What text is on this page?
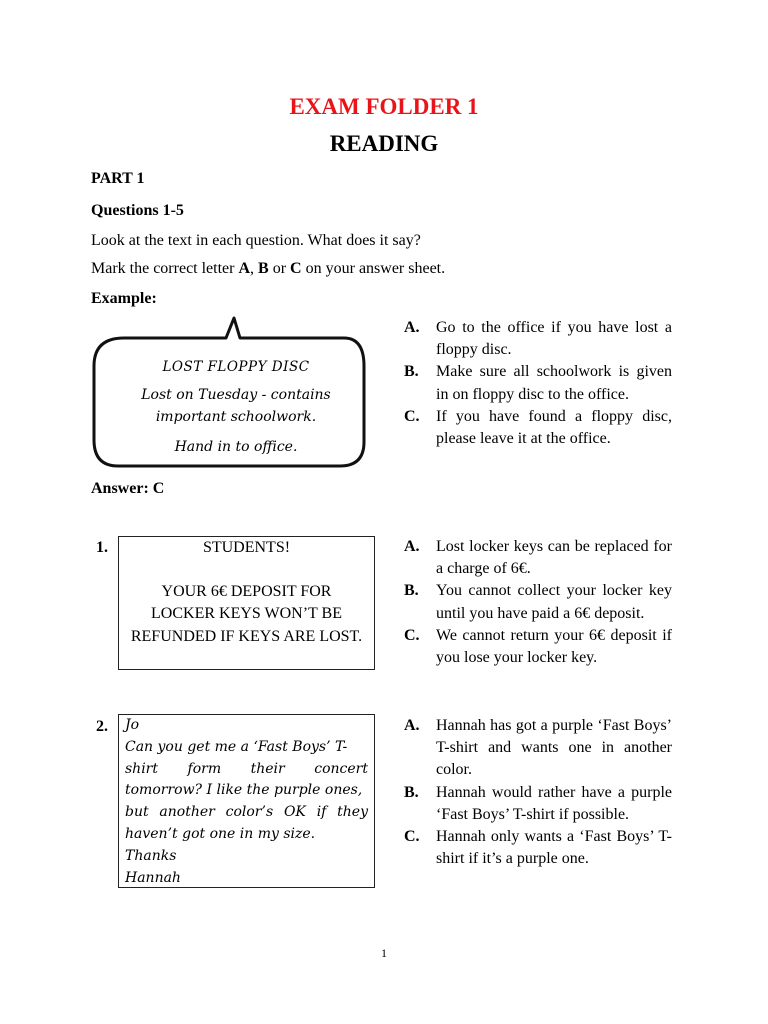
EXAM FOLDER 1
READING
PART 1
Questions 1-5
Look at the text in each question. What does it say?
Mark the correct letter A, B or C on your answer sheet.
Example:
LOST FLOPPY DISC
Lost on Tuesday - contains
important schoolwork.
Hand in to office.
A.	Go to the office if you have lost a floppy disc.
B.	Make sure all schoolwork is given in on floppy disc to the office.
C.	If you have found a floppy disc, please leave it at the office.
Answer: C
1.	STUDENTS!
YOUR 6€ DEPOSIT FOR
LOCKER KEYS WON’T BE
REFUNDED IF KEYS ARE LOST.
A.	Lost locker keys can be replaced for a charge of 6€.
B.	You cannot collect your locker key until you have paid a 6€ deposit.
C.	We cannot return your 6€ deposit if you lose your locker key.
2. Jo
Can you get me a ‘Fast Boys’ T-
shirt form their concert
tomorrow? I like the purple ones,
but another color’s OK if they
haven’t got one in my size.
Thanks
Hannah
A.	Hannah has got a purple ‘Fast Boys’ T-shirt and wants one in another color.
B.	Hannah would rather have a purple ‘Fast Boys’ T-shirt if possible.
C.	Hannah only wants a ‘Fast Boys’ T-shirt if it’s a purple one.
1
